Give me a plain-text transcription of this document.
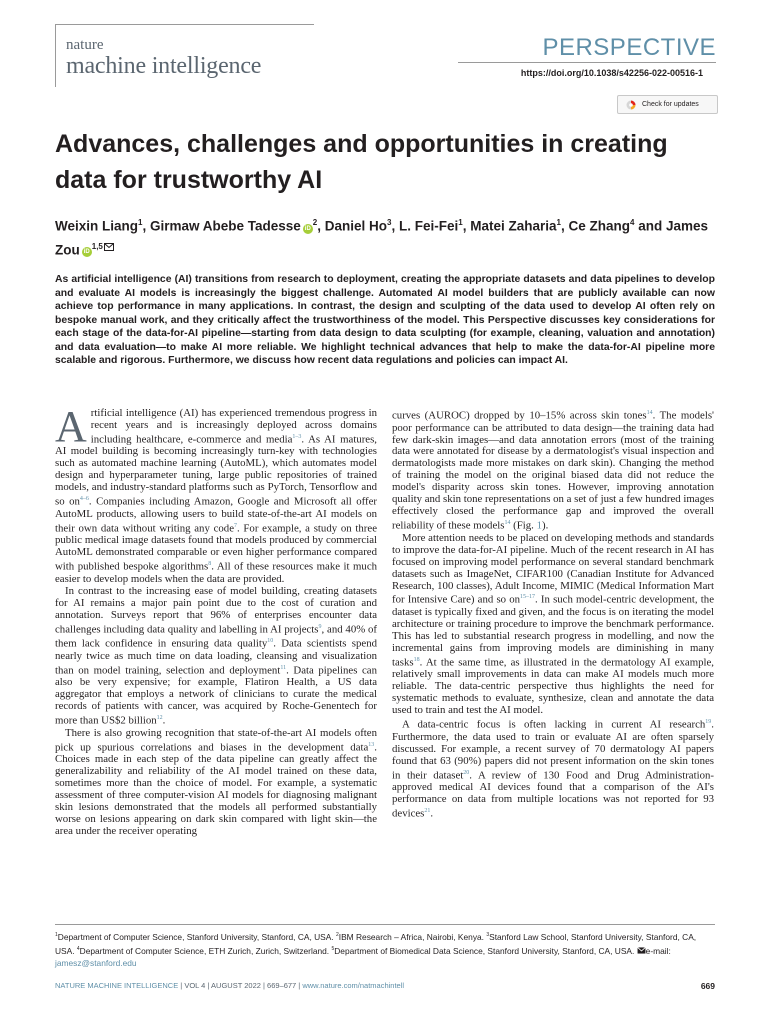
nature
machine intelligence
PERSPECTIVE
https://doi.org/10.1038/s42256-022-00516-1
Check for updates
Advances, challenges and opportunities in creating data for trustworthy AI
Weixin Liang$^1$, Girmaw Abebe Tadesse $iD^2$, Daniel Ho$^3$, L. Fei-Fei$^1$, Matei Zaharia$^1$, Ce Zhang$^4$ and James Zou iD$^{1,5}$
As artificial intelligence (AI) transitions from research to deployment, creating the appropriate datasets and data pipelines to develop and evaluate AI models is increasingly the biggest challenge. Automated AI model builders that are publicly available can now achieve top performance in many applications. In contrast, the design and sculpting of the data used to develop AI often rely on bespoke manual work, and they critically affect the trustworthiness of the model. This Perspective discusses key considerations for each stage of the data-for-AI pipeline—starting from data design to data sculpting (for example, cleaning, valuation and annotation) and data evaluation—to make AI more reliable. We highlight technical advances that help to make the data-for-AI pipeline more scalable and rigorous. Furthermore, we discuss how recent data regulations and policies can impact AI.

Artificial intelligence (AI) has experienced tremendous progress in recent years and is increasingly deployed across domains including healthcare, e-commerce and media$^{1-3}$. As AI matures, AI model building is becoming increasingly turn-key with technologies such as automated machine learning (AutoML), which automates model design and hyperparameter tuning, large public repositories of trained models, and industry-standard platforms such as PyTorch, Tensorflow and so $on^{4-6}$. Companies including Amazon, Google and Microsoft all offer AutoML products, allowing users to build state-of-the-art AI models on their own data without writing any code$^7$. For example, a study on three public medical image datasets found that models produced by commercial AutoML demonstrated comparable or even higher performance compared with published bespoke algorithms$^8$. All of these resources make it much easier to develop models when the data are provided.

In contrast to the increasing ease of model building, creating datasets for AI remains a major pain point due to the cost of curation and annotation. Surveys report that 96% of enterprises encounter data challenges including data quality and labelling in AI projects$^9$, and 40% of them lack confidence in ensuring data quality$^{10}$. Data scientists spend nearly twice as much time on data loading, cleansing and visualization than on model training, selection and deployment$^{11}$. Data pipelines can also be very expensive; for example, Flatiron Health, a US data aggregator that employs a network of clinicians to curate the medical records of patients with cancer, was acquired by Roche-Genentech for more than US$2 billion$^{12}$.

There is also growing recognition that state-of-the-art AI models often pick up spurious correlations and biases in the development data$^{13}$. Choices made in each step of the data pipeline can greatly affect the generalizability and reliability of the AI model trained on these data, sometimes more than the choice of model. For example, a systematic assessment of three computer-vision AI models for diagnosing malignant skin lesions demonstrated that the models all performed substantially worse on lesions appearing on dark skin compared with light skin—the area under the receiver operating

curves (AUROC) dropped by 10–15% across skin tones$^{14}$. The models' poor performance can be attributed to data design—the training data had few dark-skin images—and data annotation errors (most of the training data were annotated for disease by a dermatologist's visual inspection and dermatologists made more mistakes on dark skin). Changing the method of training the model on the original biased data did not reduce the model's disparity across skin tones. However, improving annotation quality and skin tone representations on a set of just a few hundred images effectively closed the performance gap and improved the overall reliability of these models$^{14}$ (Fig. 1).

More attention needs to be placed on developing methods and standards to improve the data-for-AI pipeline. Much of the recent research in AI has focused on improving model performance on several standard benchmark datasets such as ImageNet, CIFAR100 (Canadian Institute for Advanced Research, 100 classes), Adult Income, MIMIC (Medical Information Mart for Intensive Care) and so $on^{15-17}$. In such model-centric development, the dataset is typically fixed and given, and the focus is on iterating the model architecture or training procedure to improve the benchmark performance. This has led to substantial research progress in modelling, and now the incremental gains from improving models are diminishing in many tasks$^{18}$. At the same time, as illustrated in the dermatology AI example, relatively small improvements in data can make AI models much more reliable. The data-centric perspective thus highlights the need for systematic methods to evaluate, synthesize, clean and annotate the data used to train and test the AI model.

A data-centric focus is often lacking in current AI research$^{19}$. Furthermore, the data used to train or evaluate AI are often sparsely discussed. For example, a recent survey of 70 dermatology AI papers found that 63 (90%) papers did not present information on the skin tones in their dataset$^{20}$. A review of 130 Food and Drug Administration-approved medical AI devices found that a comparison of the AI's performance on data from multiple locations was not reported for 93 devices$^{21}$.

$^1$Department of Computer Science, Stanford University, Stanford, CA, USA. $^2$IBM Research – Africa, Nairobi, Kenya. $^3$Stanford Law School, Stanford University, Stanford, CA, USA. $^4$Department of Computer Science, ETH Zurich, Zurich, Switzerland. $^5$Department of Biomedical Data Science, Stanford University, Stanford, CA, USA. e-mail: jamesz@stanford.edu
NATURE MACHINE INTELLIGENCE | VOL 4 | AUGUST 2022 | 669–677 | www.nature.com/natmachintell	669
